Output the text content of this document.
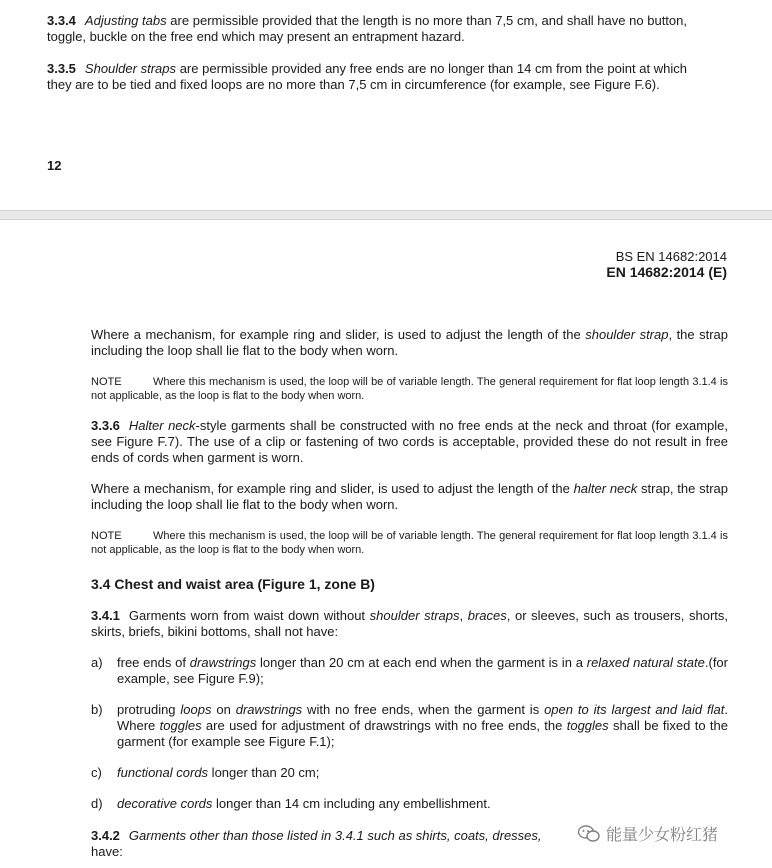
3.3.4 Adjusting tabs are permissible provided that the length is no more than 7,5 cm, and shall have no button, toggle, buckle on the free end which may present an entrapment hazard.
3.3.5 Shoulder straps are permissible provided any free ends are no longer than 14 cm from the point at which they are to be tied and fixed loops are no more than 7,5 cm in circumference (for example, see Figure F.6).
12
BS EN 14682:2014
EN 14682:2014 (E)
Where a mechanism, for example ring and slider, is used to adjust the length of the shoulder strap, the strap including the loop shall lie flat to the body when worn.
NOTE	Where this mechanism is used, the loop will be of variable length. The general requirement for flat loop length 3.1.4 is not applicable, as the loop is flat to the body when worn.
3.3.6 Halter neck-style garments shall be constructed with no free ends at the neck and throat (for example, see Figure F.7). The use of a clip or fastening of two cords is acceptable, provided these do not result in free ends of cords when garment is worn.
Where a mechanism, for example ring and slider, is used to adjust the length of the halter neck strap, the strap including the loop shall lie flat to the body when worn.
NOTE	Where this mechanism is used, the loop will be of variable length. The general requirement for flat loop length 3.1.4 is not applicable, as the loop is flat to the body when worn.
3.4 Chest and waist area (Figure 1, zone B)
3.4.1 Garments worn from waist down without shoulder straps, braces, or sleeves, such as trousers, shorts, skirts, briefs, bikini bottoms, shall not have:
a) free ends of drawstrings longer than 20 cm at each end when the garment is in a relaxed natural state.(for example, see Figure F.9);
b) protruding loops on drawstrings with no free ends, when the garment is open to its largest and laid flat. Where toggles are used for adjustment of drawstrings with no free ends, the toggles shall be fixed to the garment (for example see Figure F.1);
c) functional cords longer than 20 cm;
d) decorative cords longer than 14 cm including any embellishment.
3.4.2 Garments other than those listed in 3.4.1 such as shirts, coats, dresses,
have:
能量少女粉红猪
